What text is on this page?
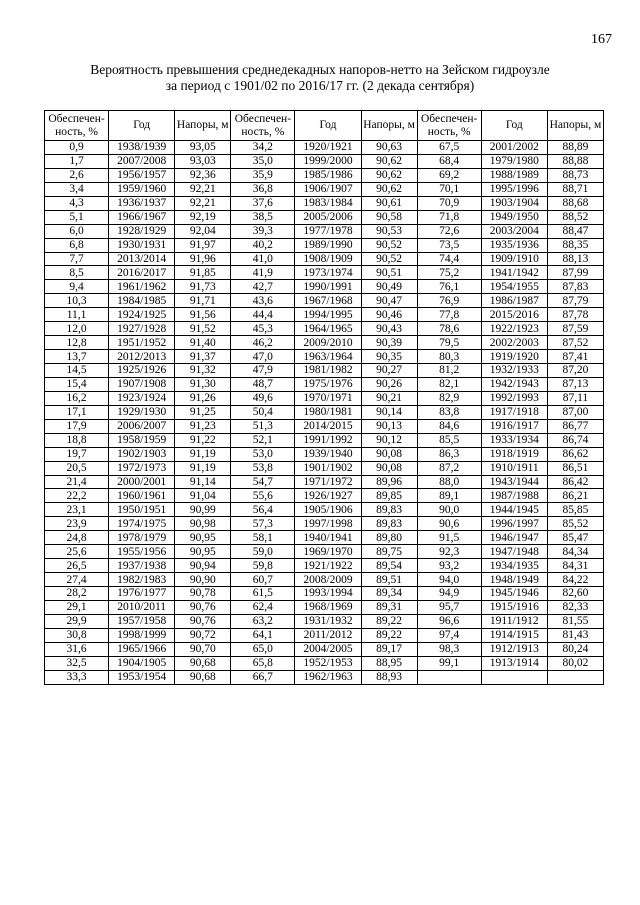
167
Вероятность превышения среднедекадных напоров-нетто на Зейском гидроузле
за период с 1901/02 по 2016/17 гг. (2 декада сентября)
Обеспечен-ность, %	Год	Напоры, м	Обеспечен-ность, %	Год	Напоры, м	Обеспечен-ность, %	Год	Напоры, м
0,9	1938/1939	93,05	34,2	1920/1921	90,63	67,5	2001/2002	88,89
1,7	2007/2008	93,03	35,0	1999/2000	90,62	68,4	1979/1980	88,88
2,6	1956/1957	92,36	35,9	1985/1986	90,62	69,2	1988/1989	88,73
3,4	1959/1960	92,21	36,8	1906/1907	90,62	70,1	1995/1996	88,71
4,3	1936/1937	92,21	37,6	1983/1984	90,61	70,9	1903/1904	88,68
5,1	1966/1967	92,19	38,5	2005/2006	90,58	71,8	1949/1950	88,52
6,0	1928/1929	92,04	39,3	1977/1978	90,53	72,6	2003/2004	88,47
6,8	1930/1931	91,97	40,2	1989/1990	90,52	73,5	1935/1936	88,35
7,7	2013/2014	91,96	41,0	1908/1909	90,52	74,4	1909/1910	88,13
8,5	2016/2017	91,85	41,9	1973/1974	90,51	75,2	1941/1942	87,99
9,4	1961/1962	91,73	42,7	1990/1991	90,49	76,1	1954/1955	87,83
10,3	1984/1985	91,71	43,6	1967/1968	90,47	76,9	1986/1987	87,79
11,1	1924/1925	91,56	44,4	1994/1995	90,46	77,8	2015/2016	87,78
12,0	1927/1928	91,52	45,3	1964/1965	90,43	78,6	1922/1923	87,59
12,8	1951/1952	91,40	46,2	2009/2010	90,39	79,5	2002/2003	87,52
13,7	2012/2013	91,37	47,0	1963/1964	90,35	80,3	1919/1920	87,41
14,5	1925/1926	91,32	47,9	1981/1982	90,27	81,2	1932/1933	87,20
15,4	1907/1908	91,30	48,7	1975/1976	90,26	82,1	1942/1943	87,13
16,2	1923/1924	91,26	49,6	1970/1971	90,21	82,9	1992/1993	87,11
17,1	1929/1930	91,25	50,4	1980/1981	90,14	83,8	1917/1918	87,00
17,9	2006/2007	91,23	51,3	2014/2015	90,13	84,6	1916/1917	86,77
18,8	1958/1959	91,22	52,1	1991/1992	90,12	85,5	1933/1934	86,74
19,7	1902/1903	91,19	53,0	1939/1940	90,08	86,3	1918/1919	86,62
20,5	1972/1973	91,19	53,8	1901/1902	90,08	87,2	1910/1911	86,51
21,4	2000/2001	91,14	54,7	1971/1972	89,96	88,0	1943/1944	86,42
22,2	1960/1961	91,04	55,6	1926/1927	89,85	89,1	1987/1988	86,21
23,1	1950/1951	90,99	56,4	1905/1906	89,83	90,0	1944/1945	85,85
23,9	1974/1975	90,98	57,3	1997/1998	89,83	90,6	1996/1997	85,52
24,8	1978/1979	90,95	58,1	1940/1941	89,80	91,5	1946/1947	85,47
25,6	1955/1956	90,95	59,0	1969/1970	89,75	92,3	1947/1948	84,34
26,5	1937/1938	90,94	59,8	1921/1922	89,54	93,2	1934/1935	84,31
27,4	1982/1983	90,90	60,7	2008/2009	89,51	94,0	1948/1949	84,22
28,2	1976/1977	90,78	61,5	1993/1994	89,34	94,9	1945/1946	82,60
29,1	2010/2011	90,76	62,4	1968/1969	89,31	95,7	1915/1916	82,33
29,9	1957/1958	90,76	63,2	1931/1932	89,22	96,6	1911/1912	81,55
30,8	1998/1999	90,72	64,1	2011/2012	89,22	97,4	1914/1915	81,43
31,6	1965/1966	90,70	65,0	2004/2005	89,17	98,3	1912/1913	80,24
32,5	1904/1905	90,68	65,8	1952/1953	88,95	99,1	1913/1914	80,02
33,3	1953/1954	90,68	66,7	1962/1963	88,93			
